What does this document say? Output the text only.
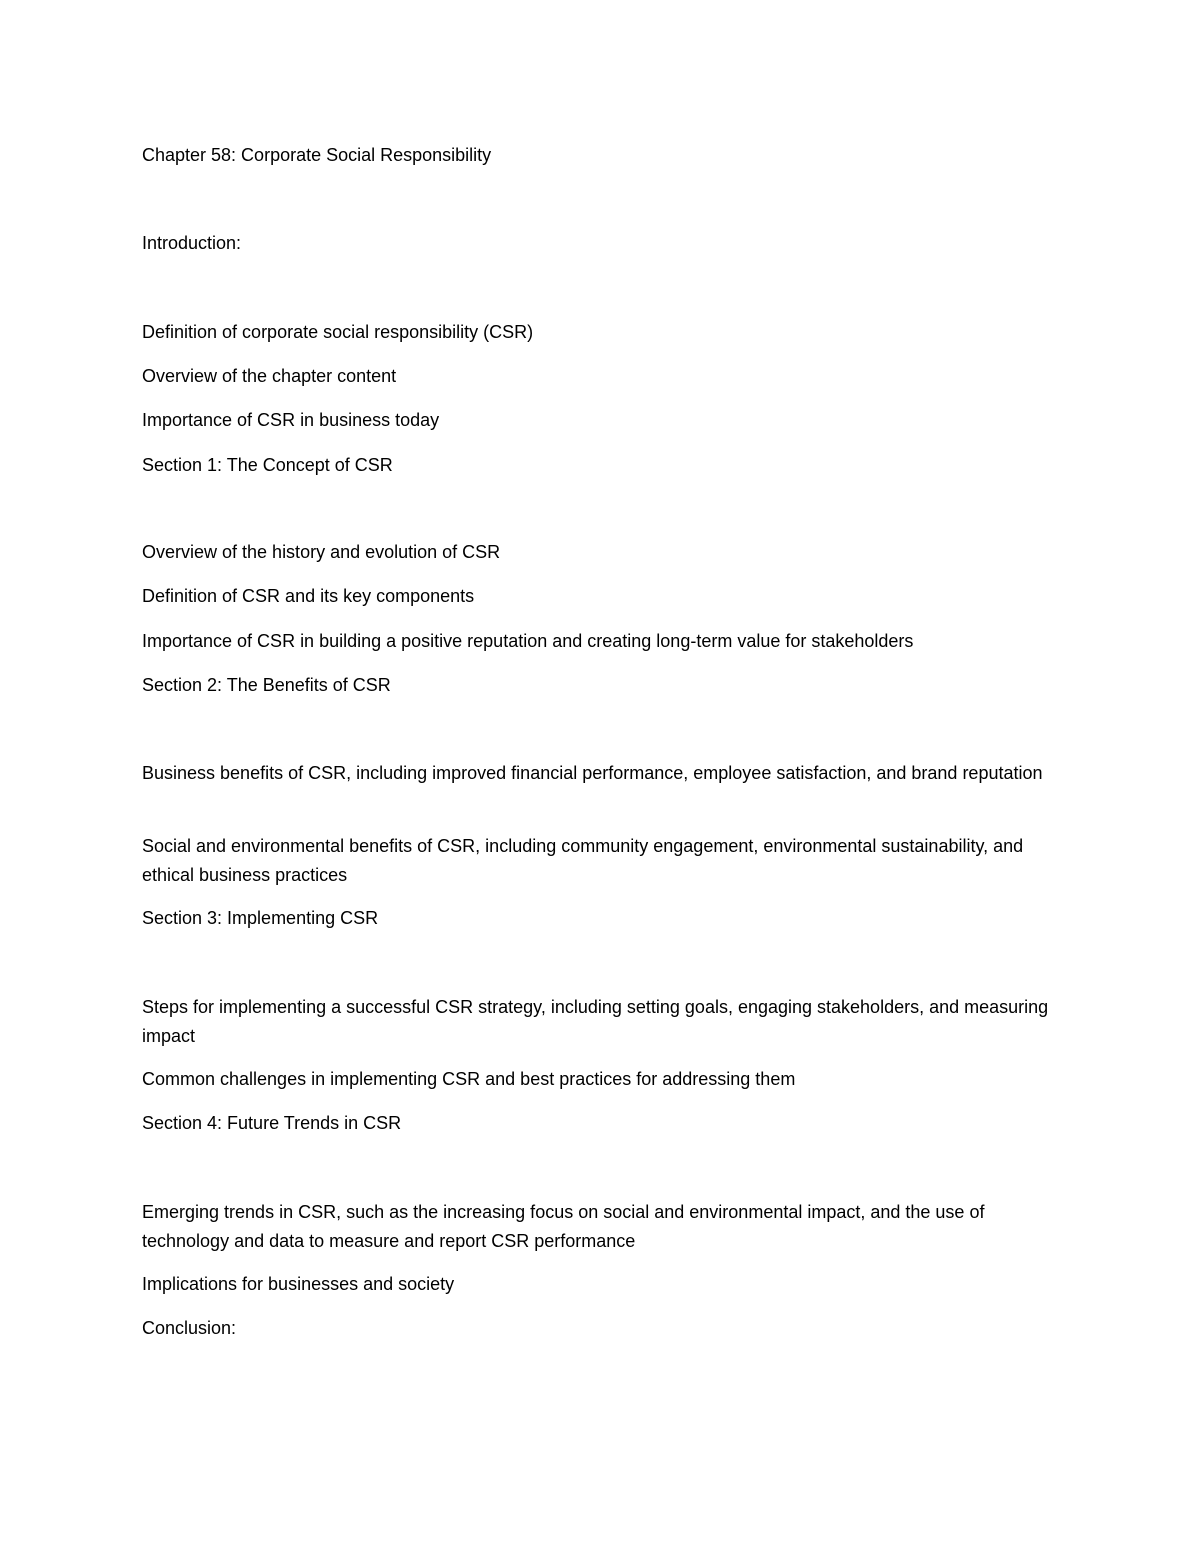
Chapter 58: Corporate Social Responsibility
Introduction:
Definition of corporate social responsibility (CSR)
Overview of the chapter content
Importance of CSR in business today
Section 1: The Concept of CSR
Overview of the history and evolution of CSR
Definition of CSR and its key components
Importance of CSR in building a positive reputation and creating long-term value for stakeholders
Section 2: The Benefits of CSR
Business benefits of CSR, including improved financial performance, employee satisfaction, and brand reputation
Social and environmental benefits of CSR, including community engagement, environmental sustainability, and ethical business practices
Section 3: Implementing CSR
Steps for implementing a successful CSR strategy, including setting goals, engaging stakeholders, and measuring impact
Common challenges in implementing CSR and best practices for addressing them
Section 4: Future Trends in CSR
Emerging trends in CSR, such as the increasing focus on social and environmental impact, and the use of technology and data to measure and report CSR performance
Implications for businesses and society
Conclusion:
